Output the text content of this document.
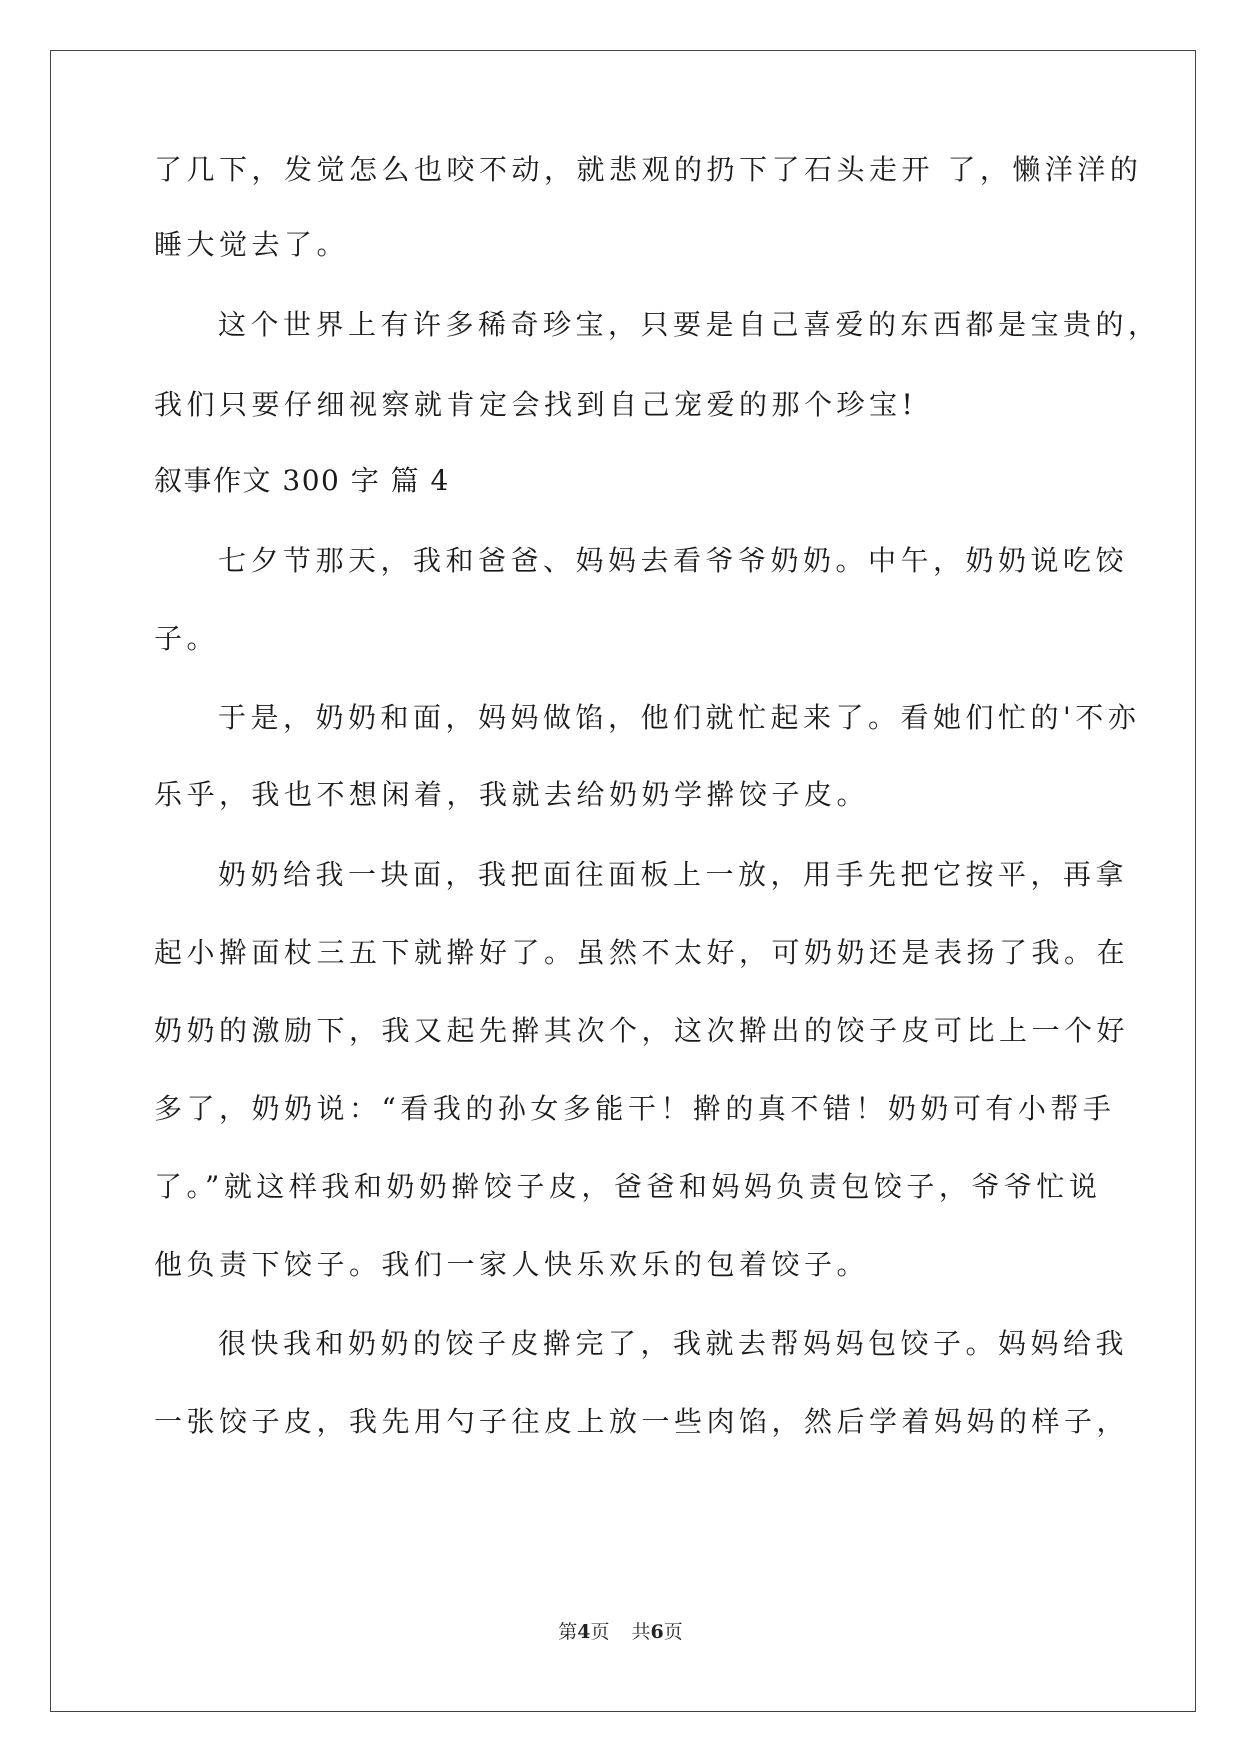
了几下，发觉怎么也咬不动，就悲观的扔下了石头走开 了，懒洋洋的
睡大觉去了。
这个世界上有许多稀奇珍宝，只要是自己喜爱的东西都是宝贵的，
我们只要仔细视察就肯定会找到自己宠爱的那个珍宝!
叙事作文 300 字 篇 4
七夕节那天，我和爸爸、妈妈去看爷爷奶奶。中午，奶奶说吃饺
子。
于是，奶奶和面，妈妈做馅，他们就忙起来了。看她们忙的'不亦
乐乎，我也不想闲着，我就去给奶奶学擀饺子皮。
奶奶给我一块面，我把面往面板上一放，用手先把它按平，再拿
起小擀面杖三五下就擀好了。虽然不太好，可奶奶还是表扬了我。在
奶奶的激励下，我又起先擀其次个，这次擀出的饺子皮可比上一个好
多了，奶奶说：“看我的孙女多能干！擀的真不错！奶奶可有小帮手
了。”就这样我和奶奶擀饺子皮，爸爸和妈妈负责包饺子，爷爷忙说
他负责下饺子。我们一家人快乐欢乐的包着饺子。
很快我和奶奶的饺子皮擀完了，我就去帮妈妈包饺子。妈妈给我
一张饺子皮，我先用勺子往皮上放一些肉馅，然后学着妈妈的样子，
第4页 共6页
